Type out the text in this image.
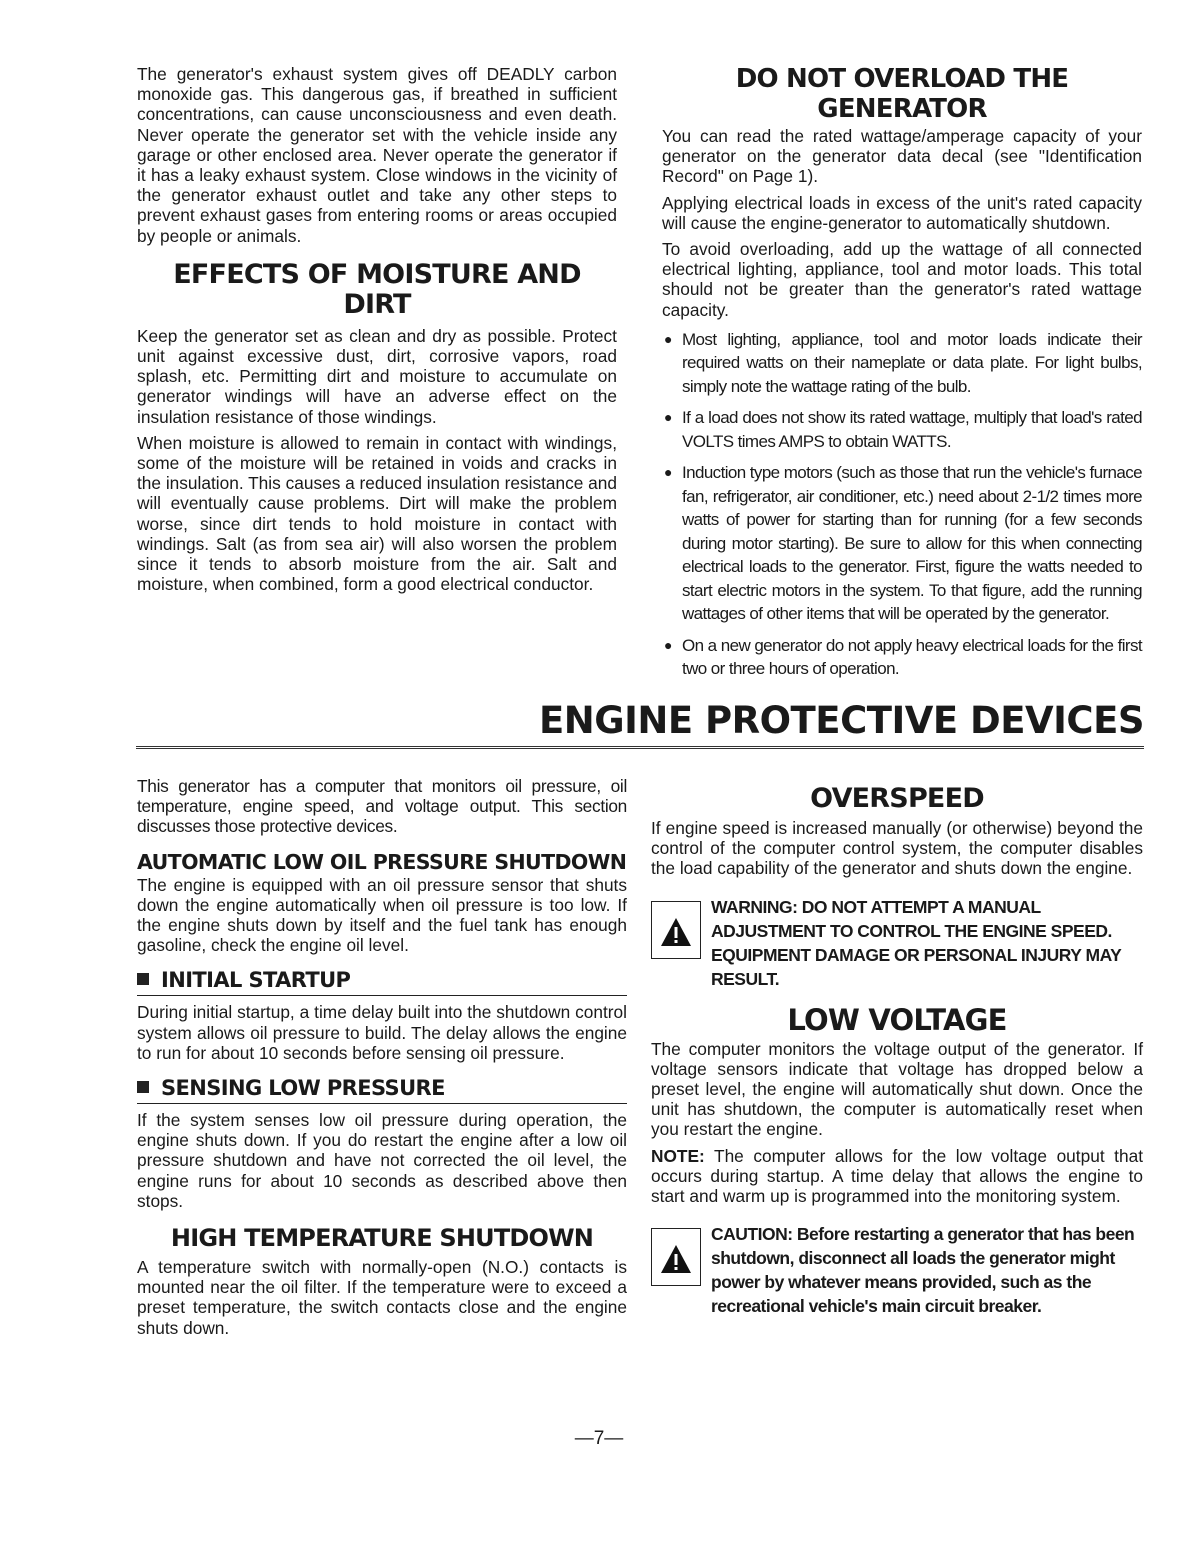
The generator's exhaust system gives off DEADLY carbon monoxide gas. This dangerous gas, if breathed in sufficient concentrations, can cause unconsciousness and even death. Never operate the generator set with the vehicle inside any garage or other enclosed area. Never operate the generator if it has a leaky exhaust system. Close windows in the vicinity of the generator exhaust outlet and take any other steps to prevent exhaust gases from entering rooms or areas occupied by people or animals.

EFFECTS OF MOISTURE AND DIRT

Keep the generator set as clean and dry as possible. Protect unit against excessive dust, dirt, corrosive vapors, road splash, etc. Permitting dirt and moisture to accumulate on generator windings will have an adverse effect on the insulation resistance of those windings.

When moisture is allowed to remain in contact with windings, some of the moisture will be retained in voids and cracks in the insulation. This causes a reduced insulation resistance and will eventually cause problems. Dirt will make the problem worse, since dirt tends to hold moisture in contact with windings. Salt (as from sea air) will also worsen the problem since it tends to absorb moisture from the air. Salt and moisture, when combined, form a good electrical conductor.

DO NOT OVERLOAD THE GENERATOR

You can read the rated wattage/amperage capacity of your generator on the generator data decal (see "Identification Record" on Page 1).

Applying electrical loads in excess of the unit's rated capacity will cause the engine-generator to automatically shutdown.

To avoid overloading, add up the wattage of all connected electrical lighting, appliance, tool and motor loads. This total should not be greater than the generator's rated wattage capacity.

● Most lighting, appliance, tool and motor loads indicate their required watts on their nameplate or data plate. For light bulbs, simply note the wattage rating of the bulb.
● If a load does not show its rated wattage, multiply that load's rated VOLTS times AMPS to obtain WATTS.
● Induction type motors (such as those that run the vehicle's furnace fan, refrigerator, air conditioner, etc.) need about 2-1/2 times more watts of power for starting than for running (for a few seconds during motor starting). Be sure to allow for this when connecting electrical loads to the generator. First, figure the watts needed to start electric motors in the system. To that figure, add the running wattages of other items that will be operated by the generator.
● On a new generator do not apply heavy electrical loads for the first two or three hours of operation.
ENGINE PROTECTIVE DEVICES

This generator has a computer that monitors oil pressure, oil temperature, engine speed, and voltage output. This section discusses those protective devices.

AUTOMATIC LOW OIL PRESSURE SHUTDOWN

The engine is equipped with an oil pressure sensor that shuts down the engine automatically when oil pressure is too low. If the engine shuts down by itself and the fuel tank has enough gasoline, check the engine oil level.

INITIAL STARTUP

During initial startup, a time delay built into the shutdown control system allows oil pressure to build. The delay allows the engine to run for about 10 seconds before sensing oil pressure.

SENSING LOW PRESSURE

If the system senses low oil pressure during operation, the engine shuts down. If you do restart the engine after a low oil pressure shutdown and have not corrected the oil level, the engine runs for about 10 seconds as described above then stops.

HIGH TEMPERATURE SHUTDOWN

A temperature switch with normally-open (N.O.) contacts is mounted near the oil filter. If the temperature were to exceed a preset temperature, the switch contacts close and the engine shuts down.

OVERSPEED

If engine speed is increased manually (or otherwise) beyond the control of the computer control system, the computer disables the load capability of the generator and shuts down the engine.

WARNING: DO NOT ATTEMPT A MANUAL ADJUSTMENT TO CONTROL THE ENGINE SPEED. EQUIPMENT DAMAGE OR PERSONAL INJURY MAY RESULT.
LOW VOLTAGE

The computer monitors the voltage output of the generator. If voltage sensors indicate that voltage has dropped below a preset level, the engine will automatically shut down. Once the unit has shutdown, the computer is automatically reset when you restart the engine.

NOTE: The computer allows for the low voltage output that occurs during startup. A time delay that allows the engine to start and warm up is programmed into the monitoring system.

CAUTION: Before restarting a generator that has been shutdown, disconnect all loads the generator might power by whatever means provided, such as the recreational vehicle's main circuit breaker.
—7—
